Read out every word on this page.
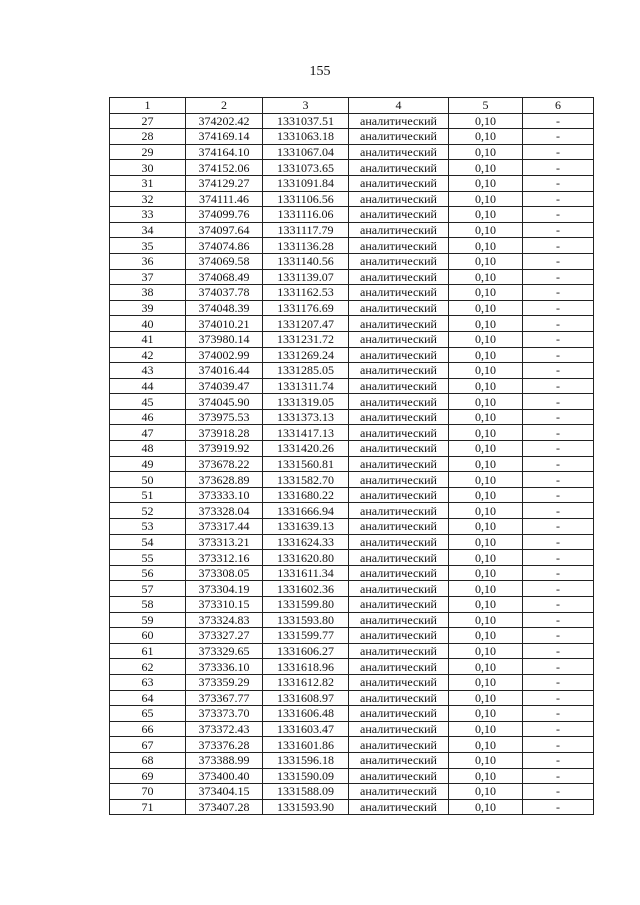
155
1	2	3	4	5	6
27	374202.42	1331037.51	аналитический	0,10	-
28	374169.14	1331063.18	аналитический	0,10	-
29	374164.10	1331067.04	аналитический	0,10	-
30	374152.06	1331073.65	аналитический	0,10	-
31	374129.27	1331091.84	аналитический	0,10	-
32	374111.46	1331106.56	аналитический	0,10	-
33	374099.76	1331116.06	аналитический	0,10	-
34	374097.64	1331117.79	аналитический	0,10	-
35	374074.86	1331136.28	аналитический	0,10	-
36	374069.58	1331140.56	аналитический	0,10	-
37	374068.49	1331139.07	аналитический	0,10	-
38	374037.78	1331162.53	аналитический	0,10	-
39	374048.39	1331176.69	аналитический	0,10	-
40	374010.21	1331207.47	аналитический	0,10	-
41	373980.14	1331231.72	аналитический	0,10	-
42	374002.99	1331269.24	аналитический	0,10	-
43	374016.44	1331285.05	аналитический	0,10	-
44	374039.47	1331311.74	аналитический	0,10	-
45	374045.90	1331319.05	аналитический	0,10	-
46	373975.53	1331373.13	аналитический	0,10	-
47	373918.28	1331417.13	аналитический	0,10	-
48	373919.92	1331420.26	аналитический	0,10	-
49	373678.22	1331560.81	аналитический	0,10	-
50	373628.89	1331582.70	аналитический	0,10	-
51	373333.10	1331680.22	аналитический	0,10	-
52	373328.04	1331666.94	аналитический	0,10	-
53	373317.44	1331639.13	аналитический	0,10	-
54	373313.21	1331624.33	аналитический	0,10	-
55	373312.16	1331620.80	аналитический	0,10	-
56	373308.05	1331611.34	аналитический	0,10	-
57	373304.19	1331602.36	аналитический	0,10	-
58	373310.15	1331599.80	аналитический	0,10	-
59	373324.83	1331593.80	аналитический	0,10	-
60	373327.27	1331599.77	аналитический	0,10	-
61	373329.65	1331606.27	аналитический	0,10	-
62	373336.10	1331618.96	аналитический	0,10	-
63	373359.29	1331612.82	аналитический	0,10	-
64	373367.77	1331608.97	аналитический	0,10	-
65	373373.70	1331606.48	аналитический	0,10	-
66	373372.43	1331603.47	аналитический	0,10	-
67	373376.28	1331601.86	аналитический	0,10	-
68	373388.99	1331596.18	аналитический	0,10	-
69	373400.40	1331590.09	аналитический	0,10	-
70	373404.15	1331588.09	аналитический	0,10	-
71	373407.28	1331593.90	аналитический	0,10	-
